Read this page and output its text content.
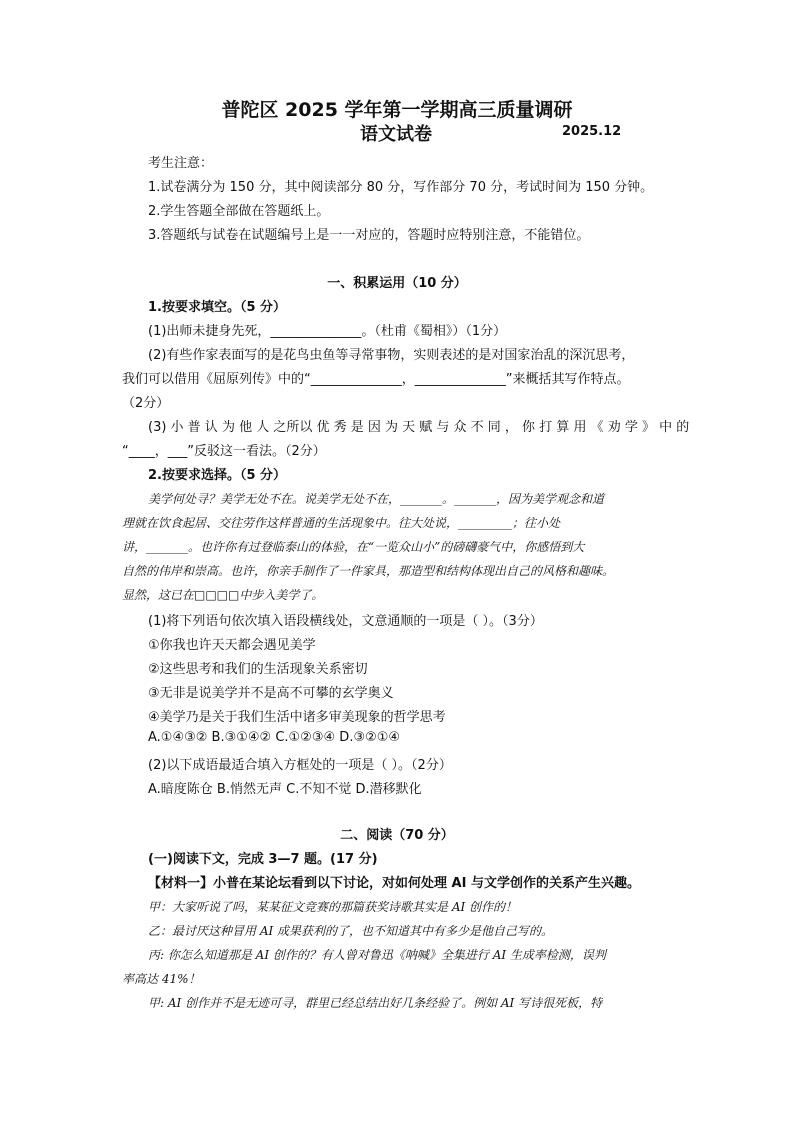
普陀区 2025 学年第一学期高三质量调研
语文试卷	2025.12
考生注意：
1.试卷满分为 150 分，其中阅读部分 80 分，写作部分 70 分，考试时间为 150 分钟。
2.学生答题全部做在答题纸上。
3.答题纸与试卷在试题编号上是一一对应的，答题时应特别注意，不能错位。
一、积累运用（10 分）
1.按要求填空。（5 分）
(1)出师未捷身先死，______________。（杜甫《蜀相》）（1分）
(2)有些作家表面写的是花鸟虫鱼等寻常事物，实则表述的是对国家治乱的深沉思考，
我们可以借用《屈原列传》中的“______________，______________”来概括其写作特点。
（2分）
(3) 小 普 认 为 他 人 之所以 优 秀 是 因 为 天 赋 与 众 不 同 ， 你 打 算 用 《 劝 学 》 中 的
“____，___”反驳这一看法。（2分）
2.按要求选择。（5 分）
美学何处寻？美学无处不在。说美学无处不在，_______。_______，因为美学观念和道
理就在饮食起居、交往劳作这样普通的生活现象中。往大处说，_________；往小处
讲，_______。也许你有过登临泰山的体验，在“一览众山小”的磅礴豪气中，你感悟到大
自然的伟岸和崇高。也许，你亲手制作了一件家具，那造型和结构体现出自己的风格和趣味。
显然，这已在□□□□中步入美学了。
(1)将下列语句依次填入语段横线处，文意通顺的一项是（ ）。（3分）
①你我也许天天都会遇见美学
②这些思考和我们的生活现象关系密切
③无非是说美学并不是高不可攀的玄学奥义
④美学乃是关于我们生活中诸多审美现象的哲学思考
A.①④③② B.③①④② C.①②③④ D.③②①④
(2)以下成语最适合填入方框处的一项是（ ）。（2分）
A.暗度陈仓 B.悄然无声 C.不知不觉 D.潜移默化
二、阅读（70 分）
(一)阅读下文，完成 3—7 题。(17 分)
【材料一】小普在某论坛看到以下讨论，对如何处理 AI 与文学创作的关系产生兴趣。
甲：大家听说了吗，某某征文竞赛的那篇获奖诗歌其实是 AI 创作的！
乙：最讨厌这种冒用 AI 成果获利的了，也不知道其中有多少是他自己写的。
丙: 你怎么知道那是 AI 创作的？有人曾对鲁迅《呐喊》全集进行 AI 生成率检测，误判
率高达 41%！
甲: AI 创作并不是无迹可寻，群里已经总结出好几条经验了。例如 AI 写诗很死板，特
